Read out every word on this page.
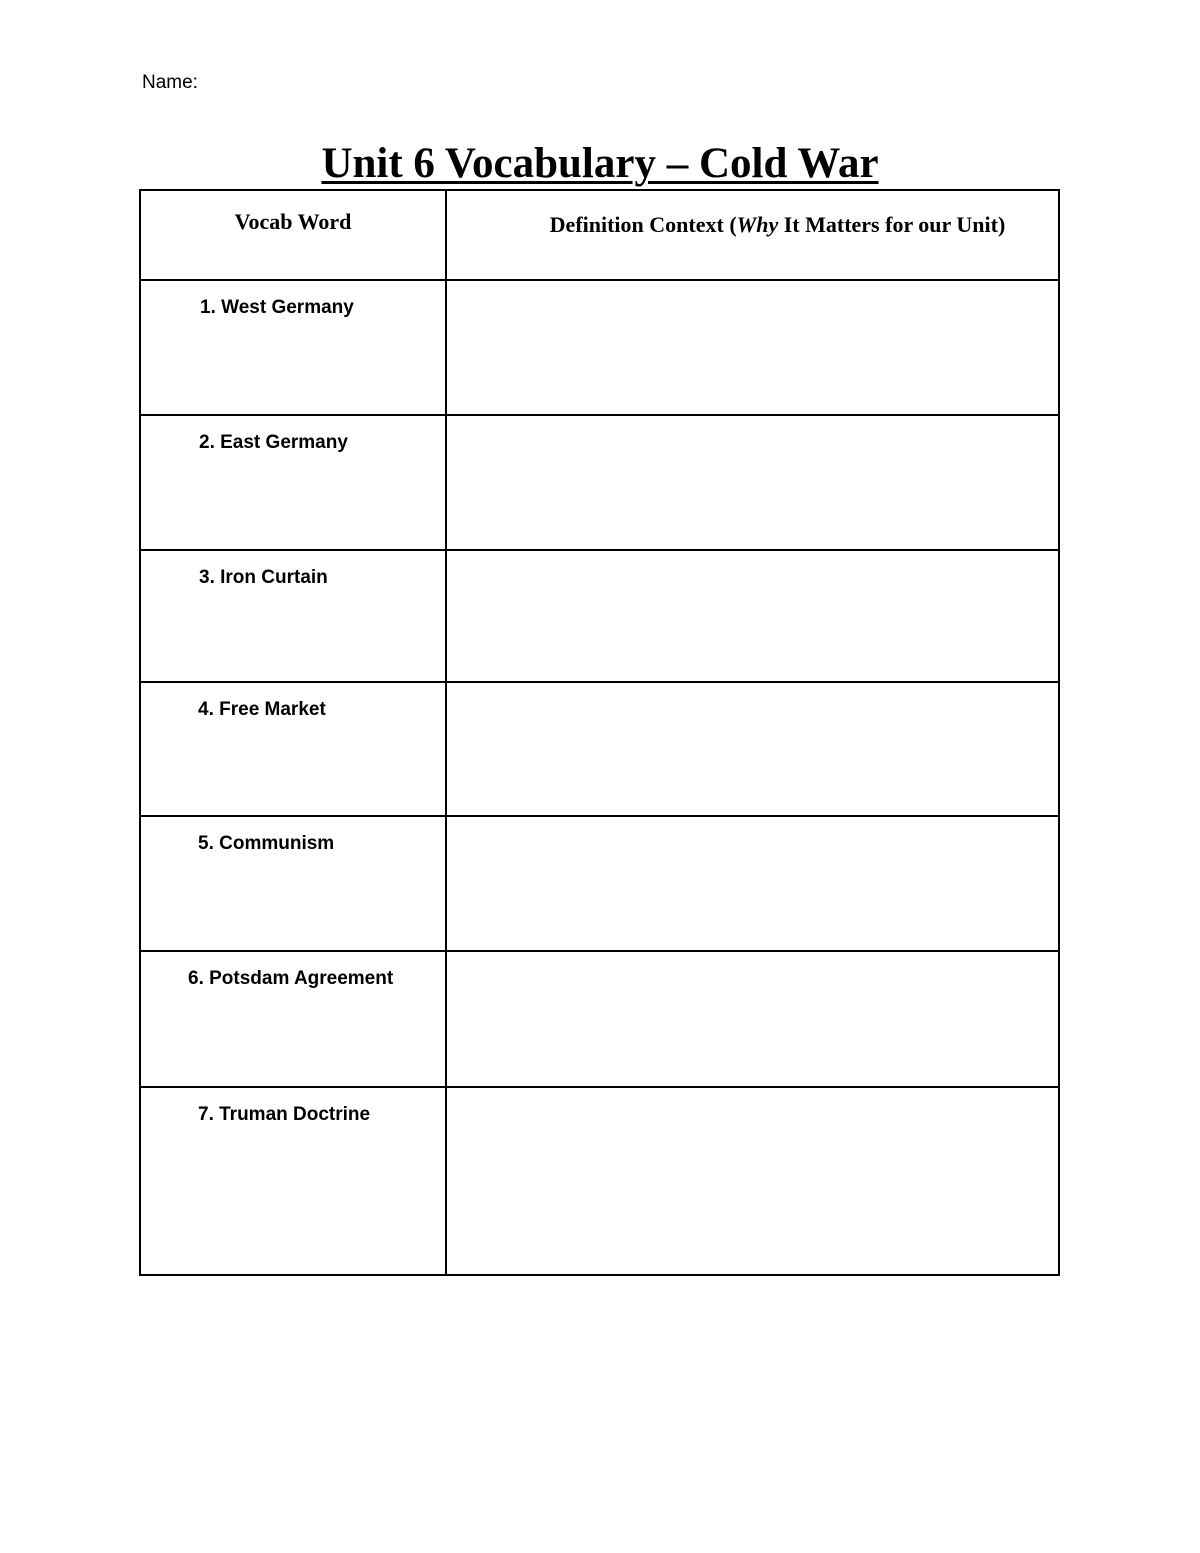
Name:
Unit 6 Vocabulary – Cold War
Vocab Word	Definition Context (Why It Matters for our Unit)
1. West Germany	
2. East Germany	
3. Iron Curtain	
4. Free Market	
5. Communism	
6. Potsdam Agreement	
7. Truman Doctrine	
